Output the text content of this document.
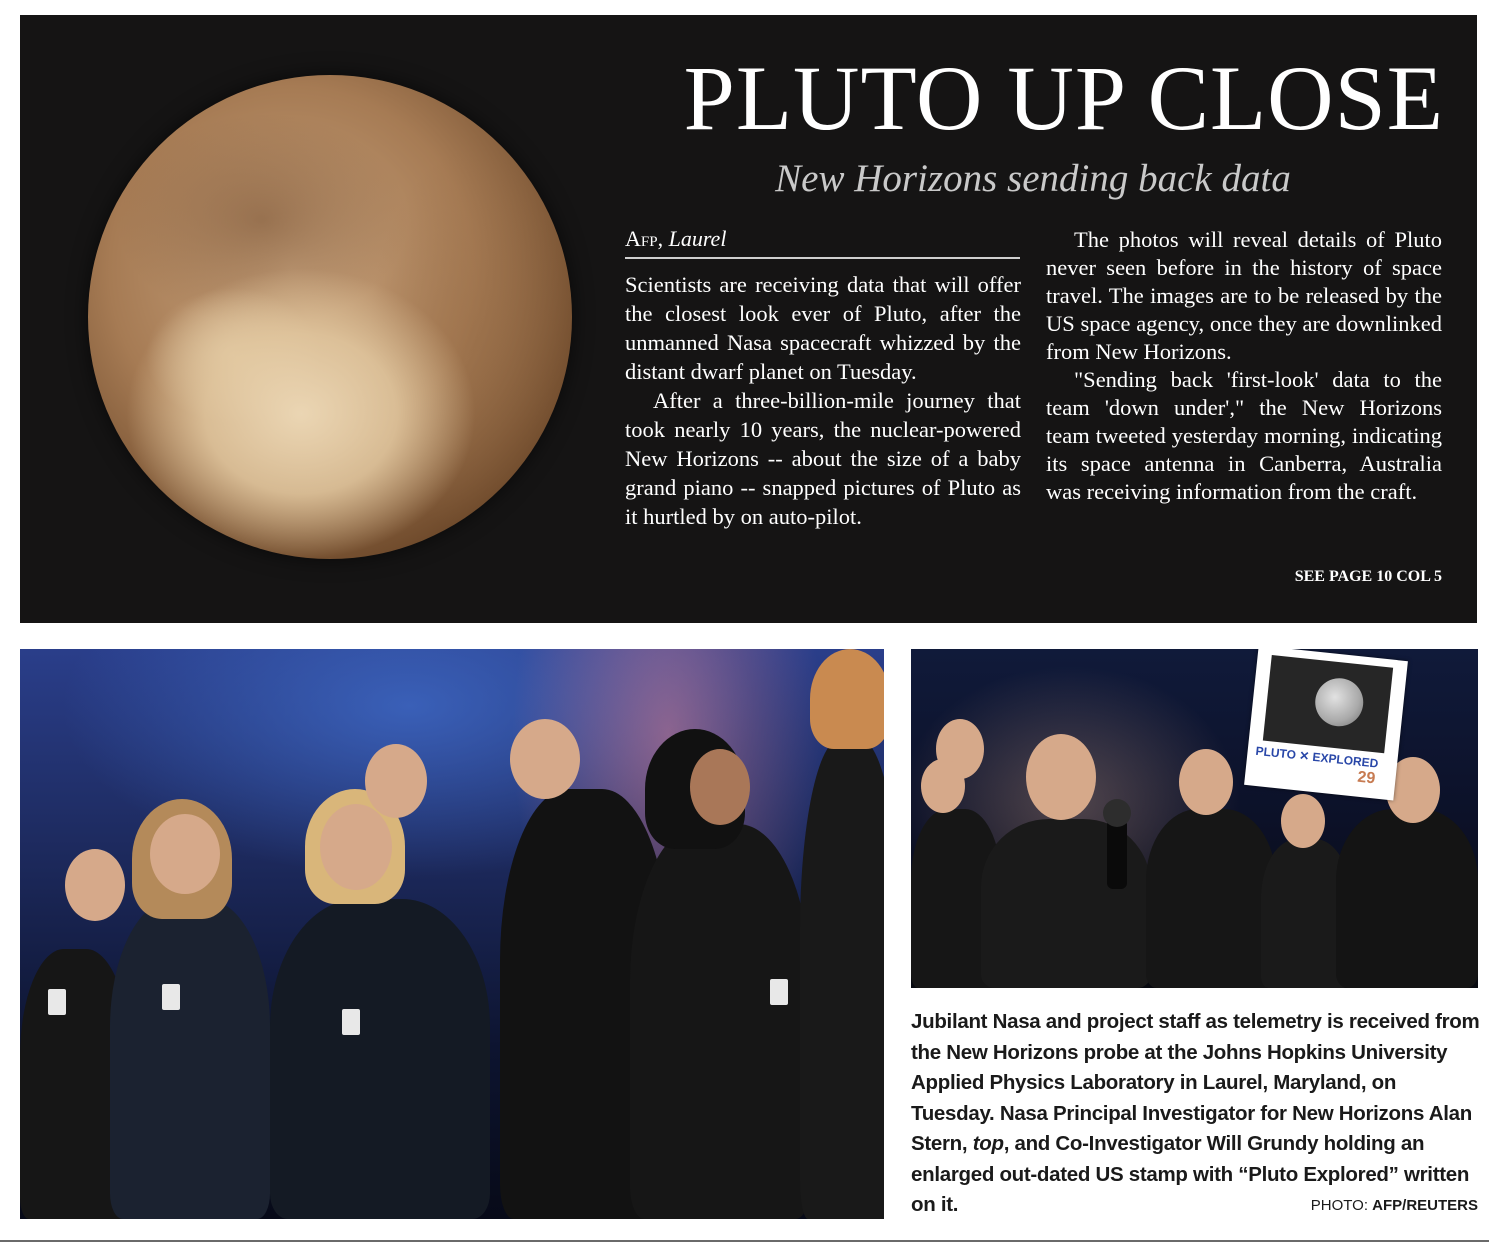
PLUTO UP CLOSE
New Horizons sending back data
Afp, Laurel

Scientists are receiving data that will offer the closest look ever of Pluto, after the unmanned Nasa spacecraft whizzed by the distant dwarf planet on Tuesday.

After a three-billion-mile journey that took nearly 10 years, the nuclear-powered New Horizons -- about the size of a baby grand piano -- snapped pictures of Pluto as it hurtled by on auto-pilot.

The photos will reveal details of Pluto never seen before in the history of space travel. The images are to be released by the US space agency, once they are downlinked from New Horizons.

"Sending back 'first-look' data to the team 'down under'," the New Horizons team tweeted yesterday morning, indicating its space antenna in Canberra, Australia was receiving information from the craft.

SEE PAGE 10 COL 5
PLUTO ✕ EXPLORED
29
Jubilant Nasa and project staff as telemetry is received from the New Horizons probe at the Johns Hopkins University Applied Physics Laboratory in Laurel, Maryland, on Tuesday. Nasa Principal Investigator for New Horizons Alan Stern, top, and Co-Investigator Will Grundy holding an enlarged out-dated US stamp with “Pluto Explored” written on it.	PHOTO: AFP/REUTERS
